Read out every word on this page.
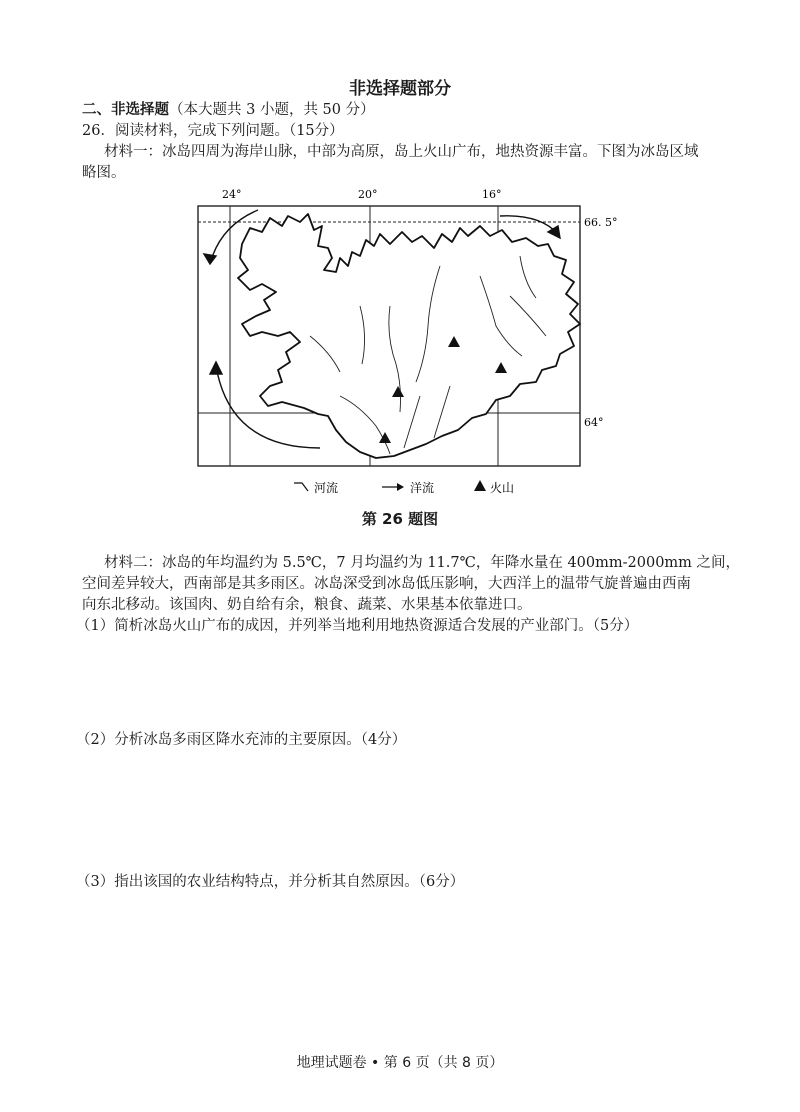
非选择题部分
二、非选择题（本大题共 3 小题，共 50 分）
26．阅读材料，完成下列问题。（15分）
材料一：冰岛四周为海岸山脉，中部为高原，岛上火山广布，地热资源丰富。下图为冰岛区域
略图。
24°	20°	16°
66. 5°
64°
河流	洋流	火山
第 26 题图
材料二：冰岛的年均温约为 5.5℃，7 月均温约为 11.7℃，年降水量在 400mm-2000mm 之间，
空间差异较大，西南部是其多雨区。冰岛深受到冰岛低压影响，大西洋上的温带气旋普遍由西南
向东北移动。该国肉、奶自给有余，粮食、蔬菜、水果基本依靠进口。
（1）简析冰岛火山广布的成因，并列举当地利用地热资源适合发展的产业部门。（5分）
（2）分析冰岛多雨区降水充沛的主要原因。（4分）
（3）指出该国的农业结构特点，并分析其自然原因。（6分）
地理试题卷 • 第 6 页（共 8 页）
